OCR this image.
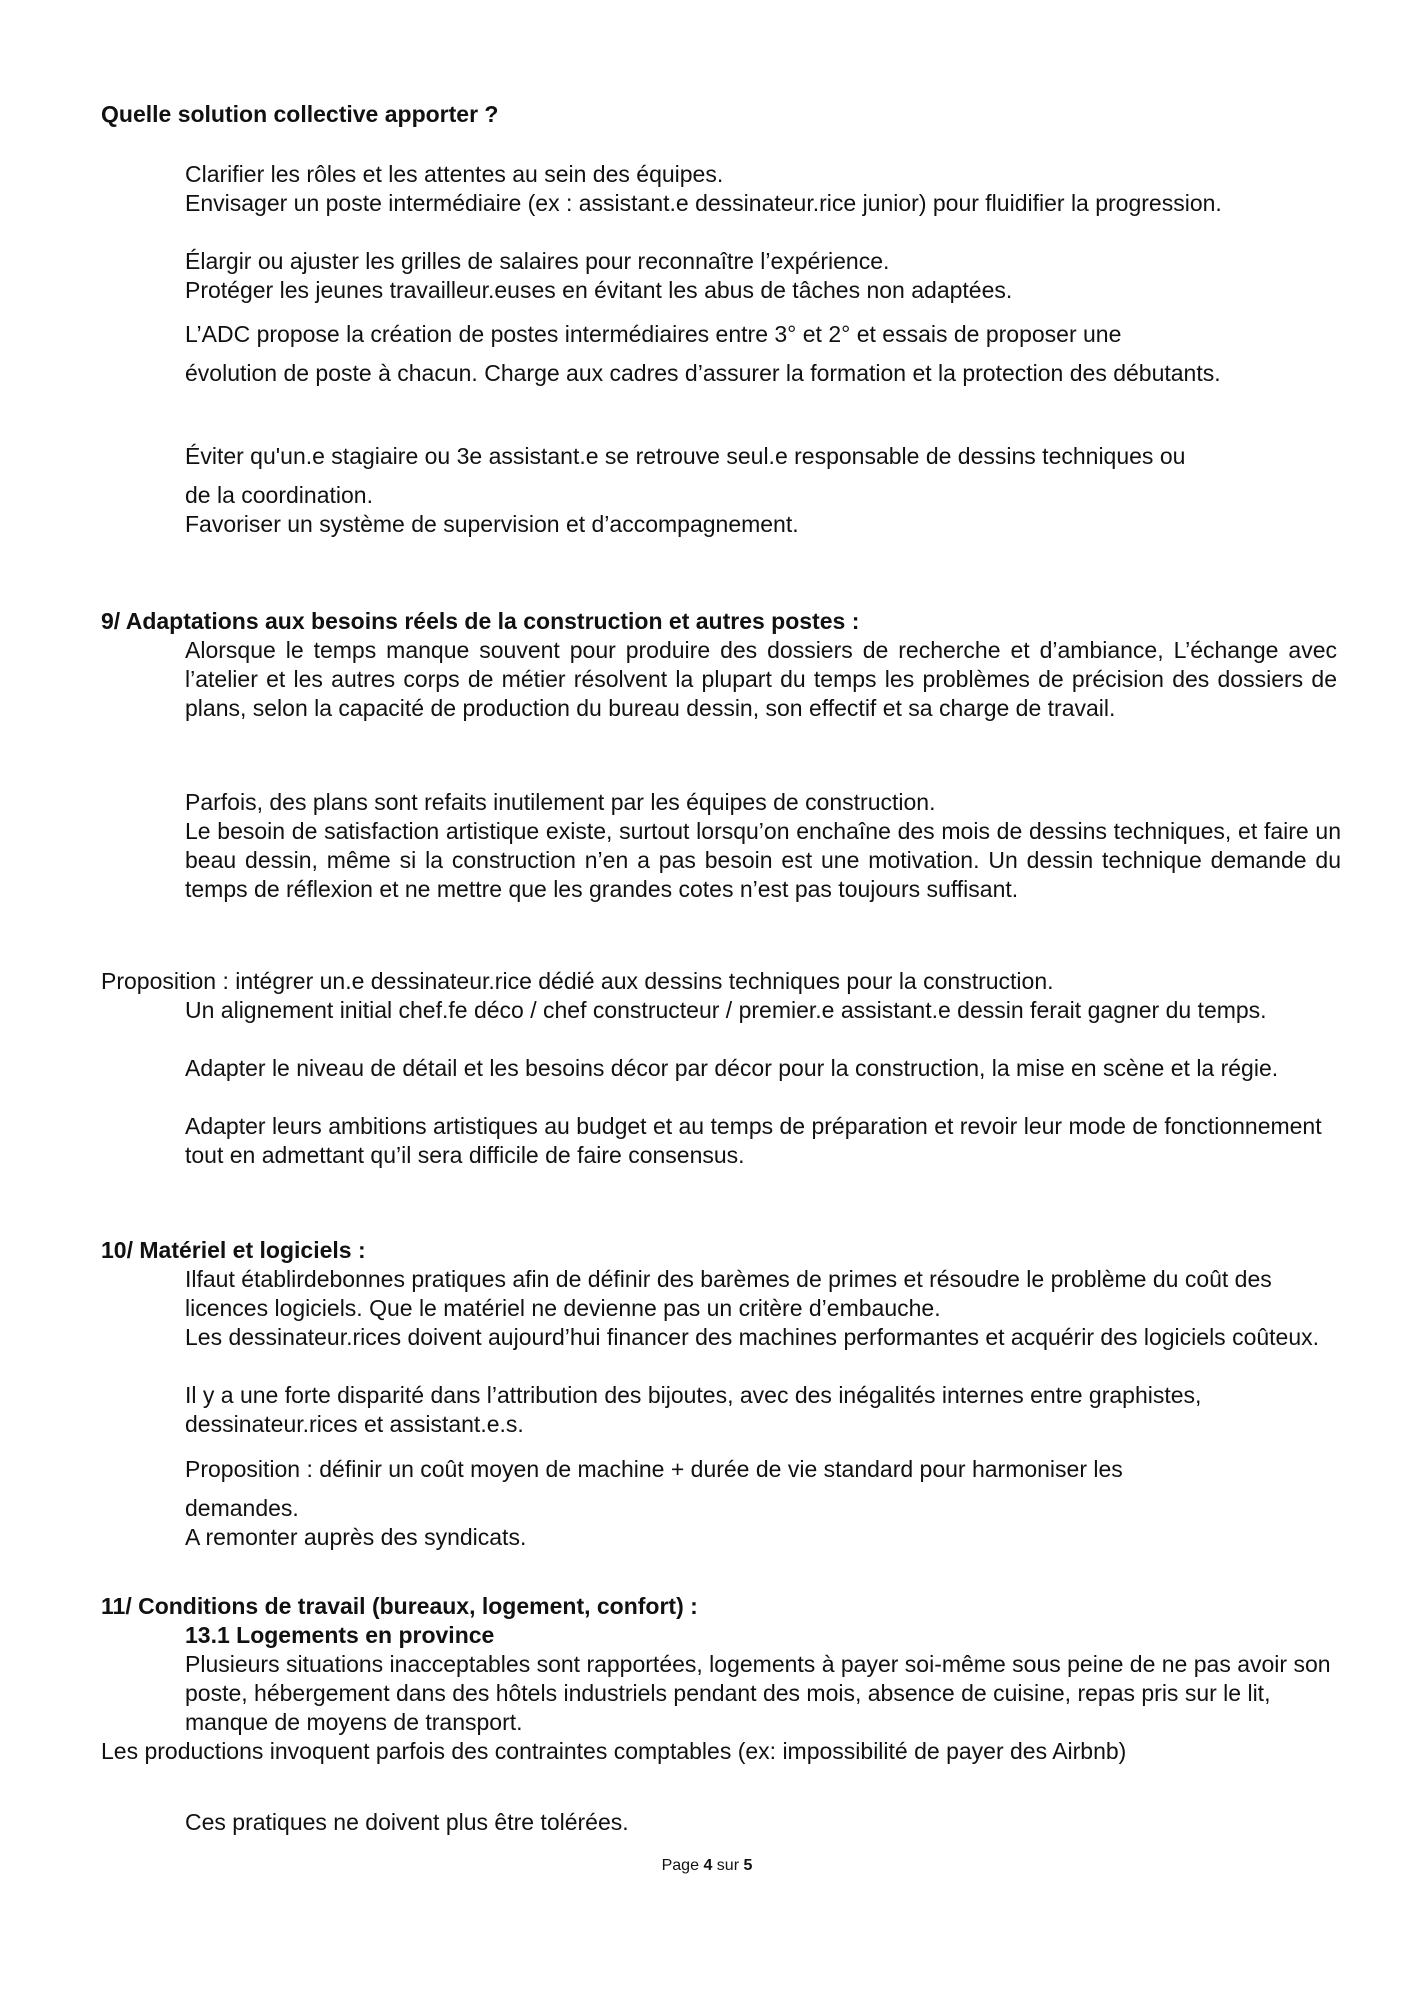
Quelle solution collective apporter ?

Clarifier les rôles et les attentes au sein des équipes.

Envisager un poste intermédiaire (ex : assistant.e dessinateur.rice junior) pour fluidifier la progression.

Élargir ou ajuster les grilles de salaires pour reconnaître l’expérience.

Protéger les jeunes travailleur.euses en évitant les abus de tâches non adaptées.

L’ADC propose la création de postes intermédiaires entre 3° et 2° et essais de proposer une

évolution de poste à chacun. Charge aux cadres d’assurer la formation et la protection des débutants.

Éviter qu'un.e stagiaire ou 3e assistant.e se retrouve seul.e responsable de dessins techniques ou

de la coordination.

Favoriser un système de supervision et d’accompagnement.

9/ Adaptations aux besoins réels de la construction et autres postes :

Alorsque le temps manque souvent pour produire des dossiers de recherche et d’ambiance, L’échange avec l’atelier et les autres corps de métier résolvent la plupart du temps les problèmes de précision des dossiers de plans, selon la capacité de production du bureau dessin, son effectif et sa charge de travail.

Parfois, des plans sont refaits inutilement par les équipes de construction.

Le besoin de satisfaction artistique existe, surtout lorsqu’on enchaîne des mois de dessins techniques, et faire un beau dessin, même si la construction n’en a pas besoin est une motivation. Un dessin technique demande du temps de réflexion et ne mettre que les grandes cotes n’est pas toujours suffisant.

Proposition : intégrer un.e dessinateur.rice dédié aux dessins techniques pour la construction.

Un alignement initial chef.fe déco / chef constructeur / premier.e assistant.e dessin ferait gagner du temps.

Adapter le niveau de détail et les besoins décor par décor pour la construction, la mise en scène et la régie.

Adapter leurs ambitions artistiques au budget et au temps de préparation et revoir leur mode de fonctionnement tout en admettant qu’il sera difficile de faire consensus.

10/ Matériel et logiciels :

Ilfaut établirdebonnes pratiques afin de définir des barèmes de primes et résoudre le problème du coût des licences logiciels. Que le matériel ne devienne pas un critère d’embauche.

Les dessinateur.rices doivent aujourd’hui financer des machines performantes et acquérir des logiciels coûteux.

Il y a une forte disparité dans l’attribution des bijoutes, avec des inégalités internes entre graphistes, dessinateur.rices et assistant.e.s.

Proposition : définir un coût moyen de machine + durée de vie standard pour harmoniser les

demandes.

A remonter auprès des syndicats.

11/ Conditions de travail (bureaux, logement, confort) :

13.1 Logements en province

Plusieurs situations inacceptables sont rapportées, logements à payer soi-même sous peine de ne pas avoir son poste, hébergement dans des hôtels industriels pendant des mois, absence de cuisine, repas pris sur le lit, manque de moyens de transport.

Les productions invoquent parfois des contraintes comptables (ex: impossibilité de payer des Airbnb)

Ces pratiques ne doivent plus être tolérées.

Page 4 sur 5
